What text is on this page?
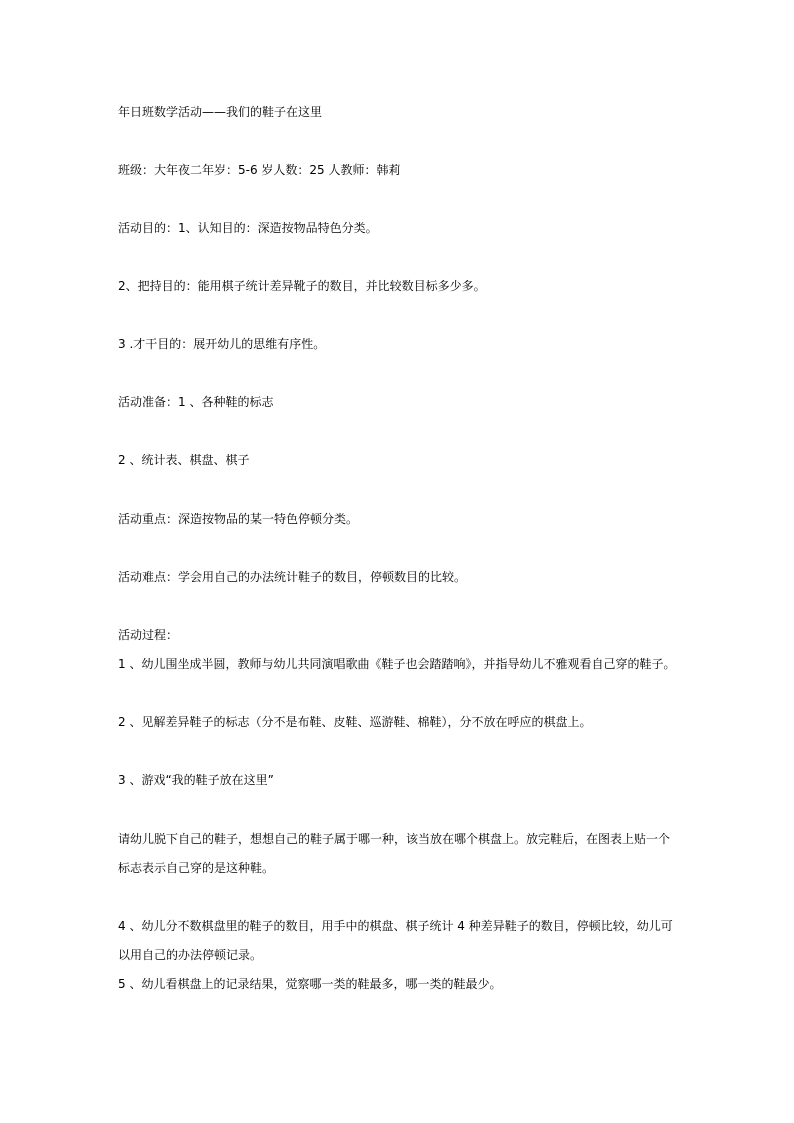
年日班数学活动——我们的鞋子在这里
班级：大年夜二年岁：5-6 岁人数：25 人教师：韩莉
活动目的：1、认知目的：深造按物品特色分类。
2、把持目的：能用棋子统计差异靴子的数目，并比较数目标多少多。
3 .才干目的：展开幼儿的思维有序性。
活动准备：1 、各种鞋的标志
2 、统计表、棋盘、棋子
活动重点：深造按物品的某一特色停顿分类。
活动难点：学会用自己的办法统计鞋子的数目，停顿数目的比较。
活动过程：
1 、幼儿围坐成半圆，教师与幼儿共同演唱歌曲《鞋子也会踏踏响》，并指导幼儿不雅观看自己穿的鞋子。
2 、见解差异鞋子的标志（分不是布鞋、皮鞋、巡游鞋、棉鞋），分不放在呼应的棋盘上。
3 、游戏“我的鞋子放在这里”
请幼儿脱下自己的鞋子，想想自己的鞋子属于哪一种，该当放在哪个棋盘上。放完鞋后，在图表上贴一个
标志表示自己穿的是这种鞋。
4 、幼儿分不数棋盘里的鞋子的数目，用手中的棋盘、棋子统计 4 种差异鞋子的数目，停顿比较，幼儿可
以用自己的办法停顿记录。
5 、幼儿看棋盘上的记录结果，觉察哪一类的鞋最多，哪一类的鞋最少。
